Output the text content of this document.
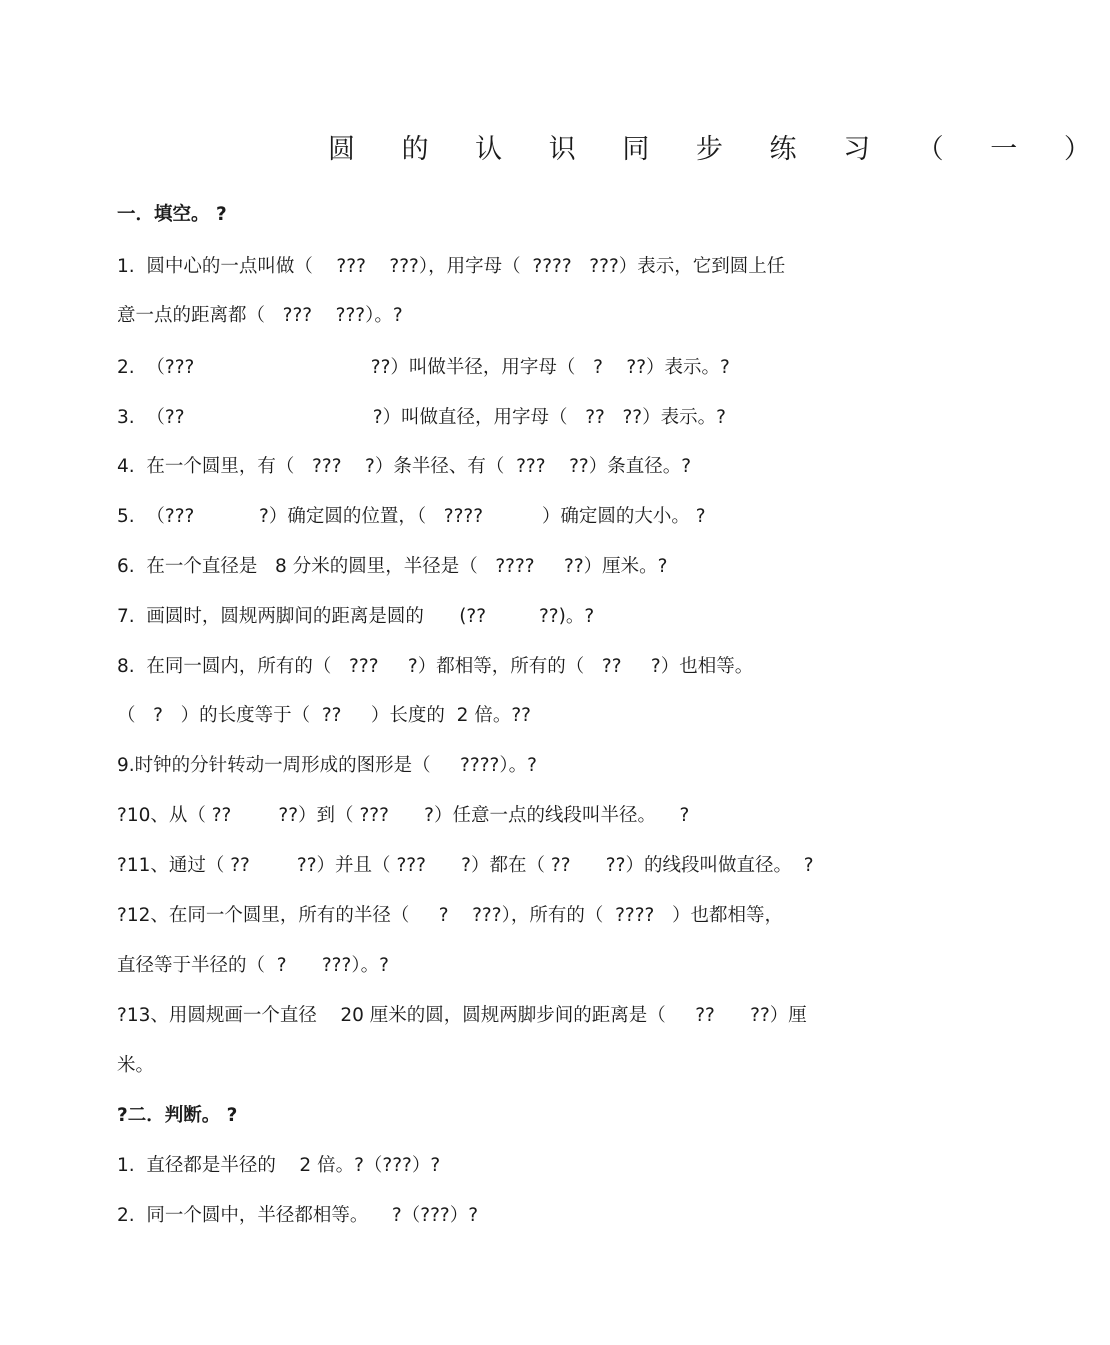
圆 的 认 识 同 步 练 习 （ 一 ）
一．填空。 ?
1.  圆中心的一点叫做（    ???    ???），用字母（  ????   ???）表示，它到圆上任
意一点的距离都（   ???    ???）。?
2.  （???                              ??）叫做半径，用字母（   ?    ??）表示。?
3.  （??                                ?）叫做直径，用字母（   ??   ??）表示。?
4.  在一个圆里，有（   ???    ?）条半径、有（  ???    ??）条直径。?
5.  （???           ?）确定圆的位置，（   ????          ）确定圆的大小。 ?
6.  在一个直径是   8 分米的圆里，半径是（   ????     ??）厘米。?
7.  画圆时，圆规两脚间的距离是圆的      (??         ??)。?
8.  在同一圆内，所有的（   ???     ?）都相等，所有的（   ??     ?）也相等。
（   ?   ）的长度等于（  ??     ）长度的  2 倍。??
9.时钟的分针转动一周形成的图形是（     ????）。?
?10、从（ ??        ??）到（ ???      ?）任意一点的线段叫半径。    ?
?11、通过（ ??        ??）并且（ ???      ?）都在（ ??      ??）的线段叫做直径。  ?
?12、在同一个圆里，所有的半径（     ?    ???），所有的（  ????   ）也都相等，
直径等于半径的（  ?      ???）。?
?13、用圆规画一个直径    20 厘米的圆，圆规两脚步间的距离是（     ??      ??）厘
米。
?二．判断。 ?
1.  直径都是半径的    2 倍。?（???）?
2.  同一个圆中，半径都相等。    ?（???）?
